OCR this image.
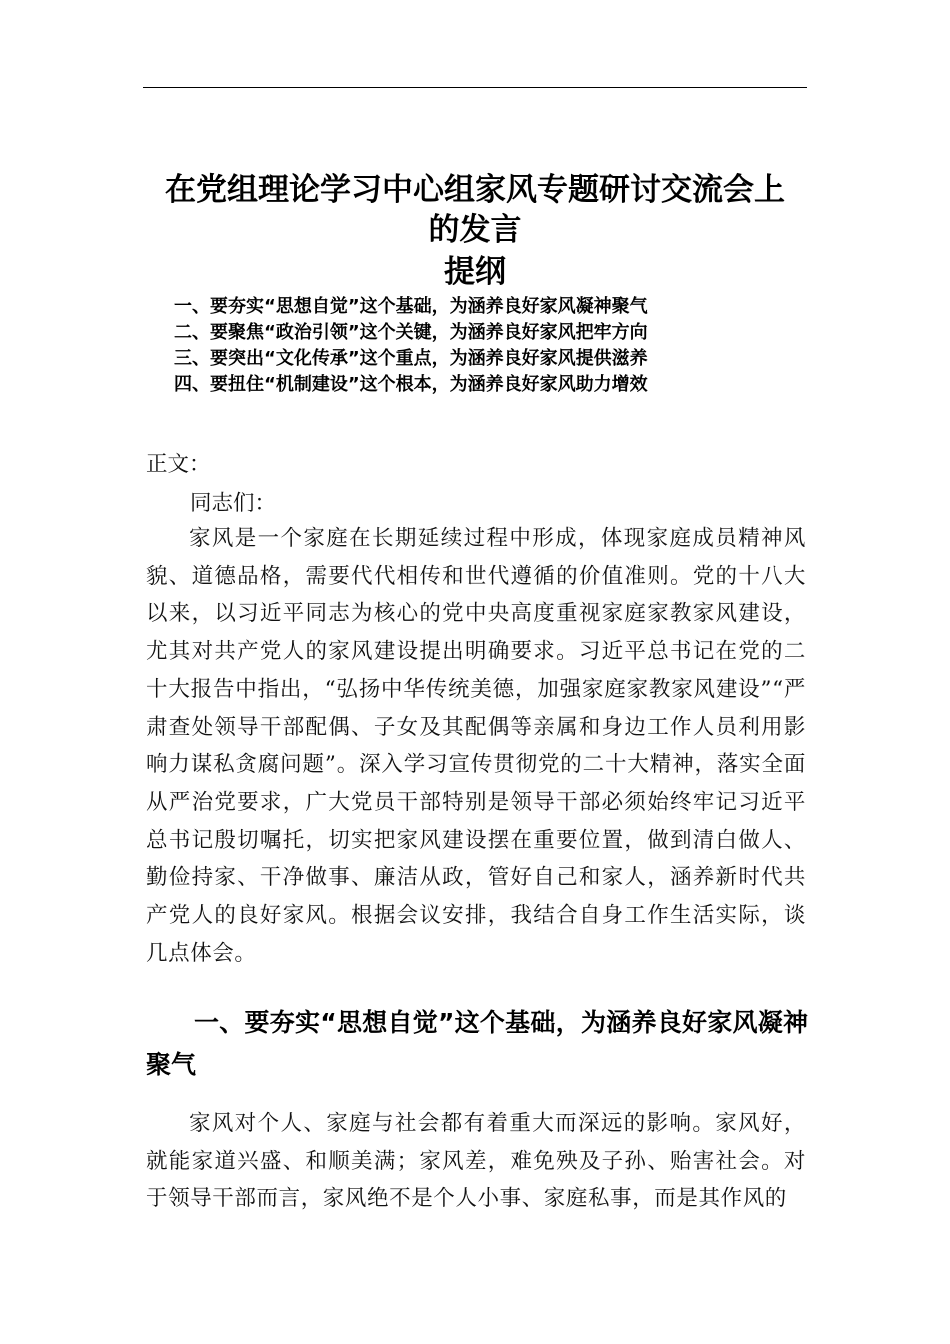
在党组理论学习中心组家风专题研讨交流会上
的发言
提纲
一、要夯实“思想自觉”这个基础，为涵养良好家风凝神聚气
二、要聚焦“政治引领”这个关键，为涵养良好家风把牢方向
三、要突出“文化传承”这个重点，为涵养良好家风提供滋养
四、要扭住“机制建设”这个根本，为涵养良好家风助力增效
正文：
同志们：

家风是一个家庭在长期延续过程中形成，体现家庭成员精神风貌、道德品格，需要代代相传和世代遵循的价值准则。党的十八大以来，以习近平同志为核心的党中央高度重视家庭家教家风建设，尤其对共产党人的家风建设提出明确要求。习近平总书记在党的二十大报告中指出，“弘扬中华传统美德，加强家庭家教家风建设”“严肃查处领导干部配偶、子女及其配偶等亲属和身边工作人员利用影响力谋私贪腐问题”。深入学习宣传贯彻党的二十大精神，落实全面从严治党要求，广大党员干部特别是领导干部必须始终牢记习近平总书记殷切嘱托，切实把家风建设摆在重要位置，做到清白做人、勤俭持家、干净做事、廉洁从政，管好自己和家人，涵养新时代共产党人的良好家风。根据会议安排，我结合自身工作生活实际，谈几点体会。

一、要夯实“思想自觉”这个基础，为涵养良好家风凝神聚气

家风对个人、家庭与社会都有着重大而深远的影响。家风好，就能家道兴盛、和顺美满；家风差，难免殃及子孙、贻害社会。对于领导干部而言，家风绝不是个人小事、家庭私事，而是其作风的
